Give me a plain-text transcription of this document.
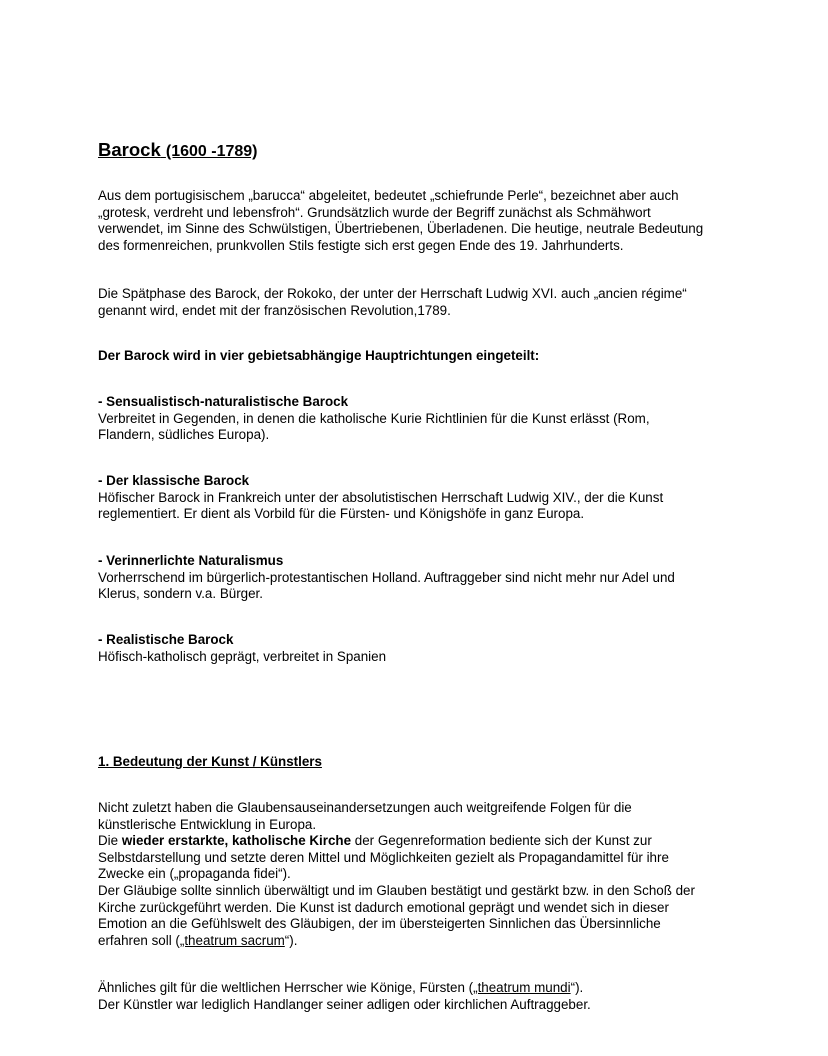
Barock (1600 -1789)
Aus dem portugisischem „barucca“ abgeleitet, bedeutet „schiefrunde Perle“, bezeichnet aber auch
„grotesk, verdreht und lebensfroh“. Grundsätzlich wurde der Begriff zunächst als Schmähwort
verwendet, im Sinne des Schwülstigen, Übertriebenen, Überladenen. Die heutige, neutrale Bedeutung
des formenreichen, prunkvollen Stils festigte sich erst gegen Ende des 19. Jahrhunderts.
Die Spätphase des Barock, der Rokoko, der unter der Herrschaft Ludwig XVI. auch „ancien régime“
genannt wird, endet mit der französischen Revolution,1789.
Der Barock wird in vier gebietsabhängige Hauptrichtungen eingeteilt:
- Sensualistisch-naturalistische Barock
Verbreitet in Gegenden, in denen die katholische Kurie Richtlinien für die Kunst erlässt (Rom,
Flandern, südliches Europa).
- Der klassische Barock
Höfischer Barock in Frankreich unter der absolutistischen Herrschaft Ludwig XIV., der die Kunst
reglementiert. Er dient als Vorbild für die Fürsten- und Königshöfe in ganz Europa.
- Verinnerlichte Naturalismus
Vorherrschend im bürgerlich-protestantischen Holland. Auftraggeber sind nicht mehr nur Adel und
Klerus, sondern v.a. Bürger.
- Realistische Barock
Höfisch-katholisch geprägt, verbreitet in Spanien
1. Bedeutung der Kunst / Künstlers
Nicht zuletzt haben die Glaubensauseinandersetzungen auch weitgreifende Folgen für die
künstlerische Entwicklung in Europa.
Die wieder erstarkte, katholische Kirche der Gegenreformation bediente sich der Kunst zur
Selbstdarstellung und setzte deren Mittel und Möglichkeiten gezielt als Propagandamittel für ihre
Zwecke ein („propaganda fidei“).
Der Gläubige sollte sinnlich überwältigt und im Glauben bestätigt und gestärkt bzw. in den Schoß der
Kirche zurückgeführt werden. Die Kunst ist dadurch emotional geprägt und wendet sich in dieser
Emotion an die Gefühlswelt des Gläubigen, der im übersteigerten Sinnlichen das Übersinnliche
erfahren soll („theatrum sacrum“).
Ähnliches gilt für die weltlichen Herrscher wie Könige, Fürsten („theatrum mundi“).
Der Künstler war lediglich Handlanger seiner adligen oder kirchlichen Auftraggeber.
